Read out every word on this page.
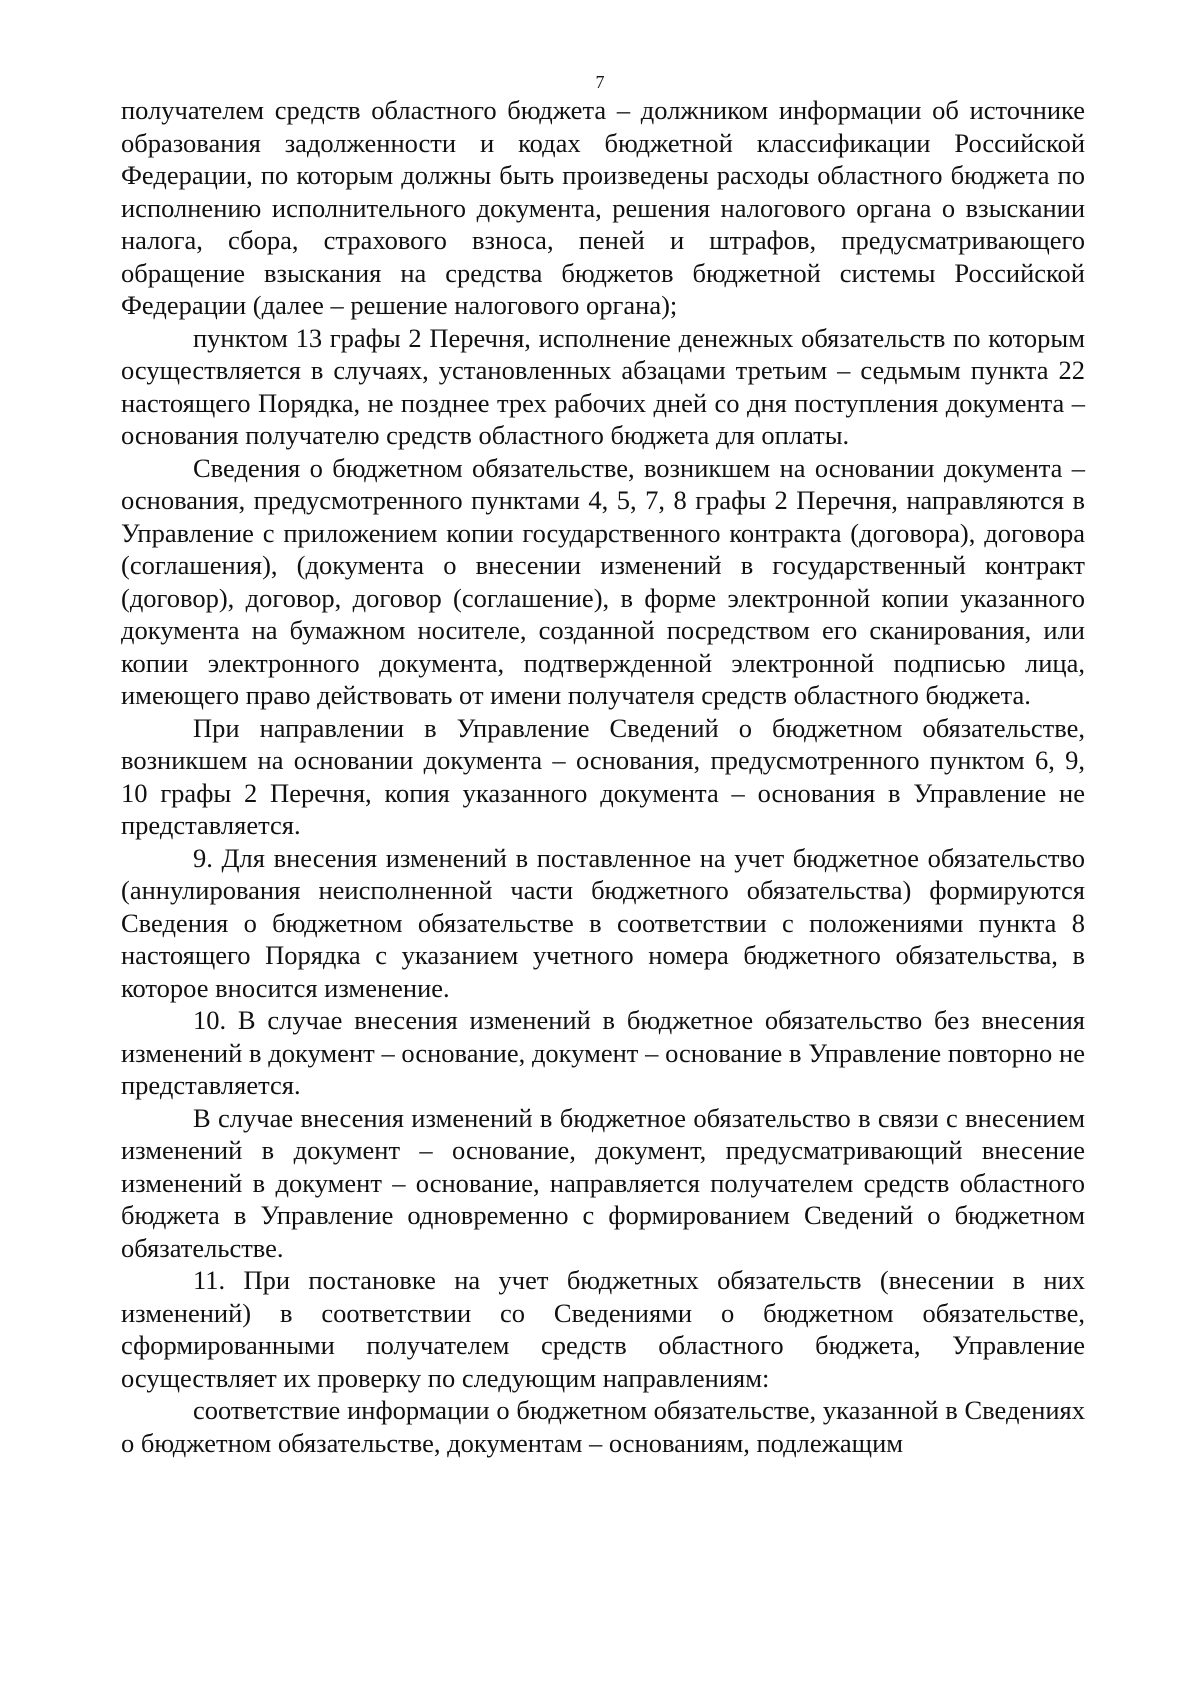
7

получателем средств областного бюджета – должником информации об источнике образования задолженности и кодах бюджетной классификации Российской Федерации, по которым должны быть произведены расходы областного бюджета по исполнению исполнительного документа, решения налогового органа о взыскании налога, сбора, страхового взноса, пеней и штрафов, предусматривающего обращение взыскания на средства бюджетов бюджетной системы Российской Федерации (далее – решение налогового органа);

пунктом 13 графы 2 Перечня, исполнение денежных обязательств по которым осуществляется в случаях, установленных абзацами третьим – седьмым пункта 22 настоящего Порядка, не позднее трех рабочих дней со дня поступления документа – основания получателю средств областного бюджета для оплаты.

Сведения о бюджетном обязательстве, возникшем на основании документа – основания, предусмотренного пунктами 4, 5, 7, 8 графы 2 Перечня, направляются в Управление с приложением копии государственного контракта (договора), договора (соглашения), (документа о внесении изменений в государственный контракт (договор), договор, договор (соглашение), в форме электронной копии указанного документа на бумажном носителе, созданной посредством его сканирования, или копии электронного документа, подтвержденной электронной подписью лица, имеющего право действовать от имени получателя средств областного бюджета.

При направлении в Управление Сведений о бюджетном обязательстве, возникшем на основании документа – основания, предусмотренного пунктом 6, 9, 10 графы 2 Перечня, копия указанного документа – основания в Управление не представляется.

9. Для внесения изменений в поставленное на учет бюджетное обязательство (аннулирования неисполненной части бюджетного обязательства) формируются Сведения о бюджетном обязательстве в соответствии с положениями пункта 8 настоящего Порядка с указанием учетного номера бюджетного обязательства, в которое вносится изменение.

10. В случае внесения изменений в бюджетное обязательство без внесения изменений в документ – основание, документ – основание в Управление повторно не представляется.

В случае внесения изменений в бюджетное обязательство в связи с внесением изменений в документ – основание, документ, предусматривающий внесение изменений в документ – основание, направляется получателем средств областного бюджета в Управление одновременно с формированием Сведений о бюджетном обязательстве.

11. При постановке на учет бюджетных обязательств (внесении в них изменений) в соответствии со Сведениями о бюджетном обязательстве, сформированными получателем средств областного бюджета, Управление осуществляет их проверку по следующим направлениям:

соответствие информации о бюджетном обязательстве, указанной в Сведениях о бюджетном обязательстве, документам – основаниям, подлежащим
